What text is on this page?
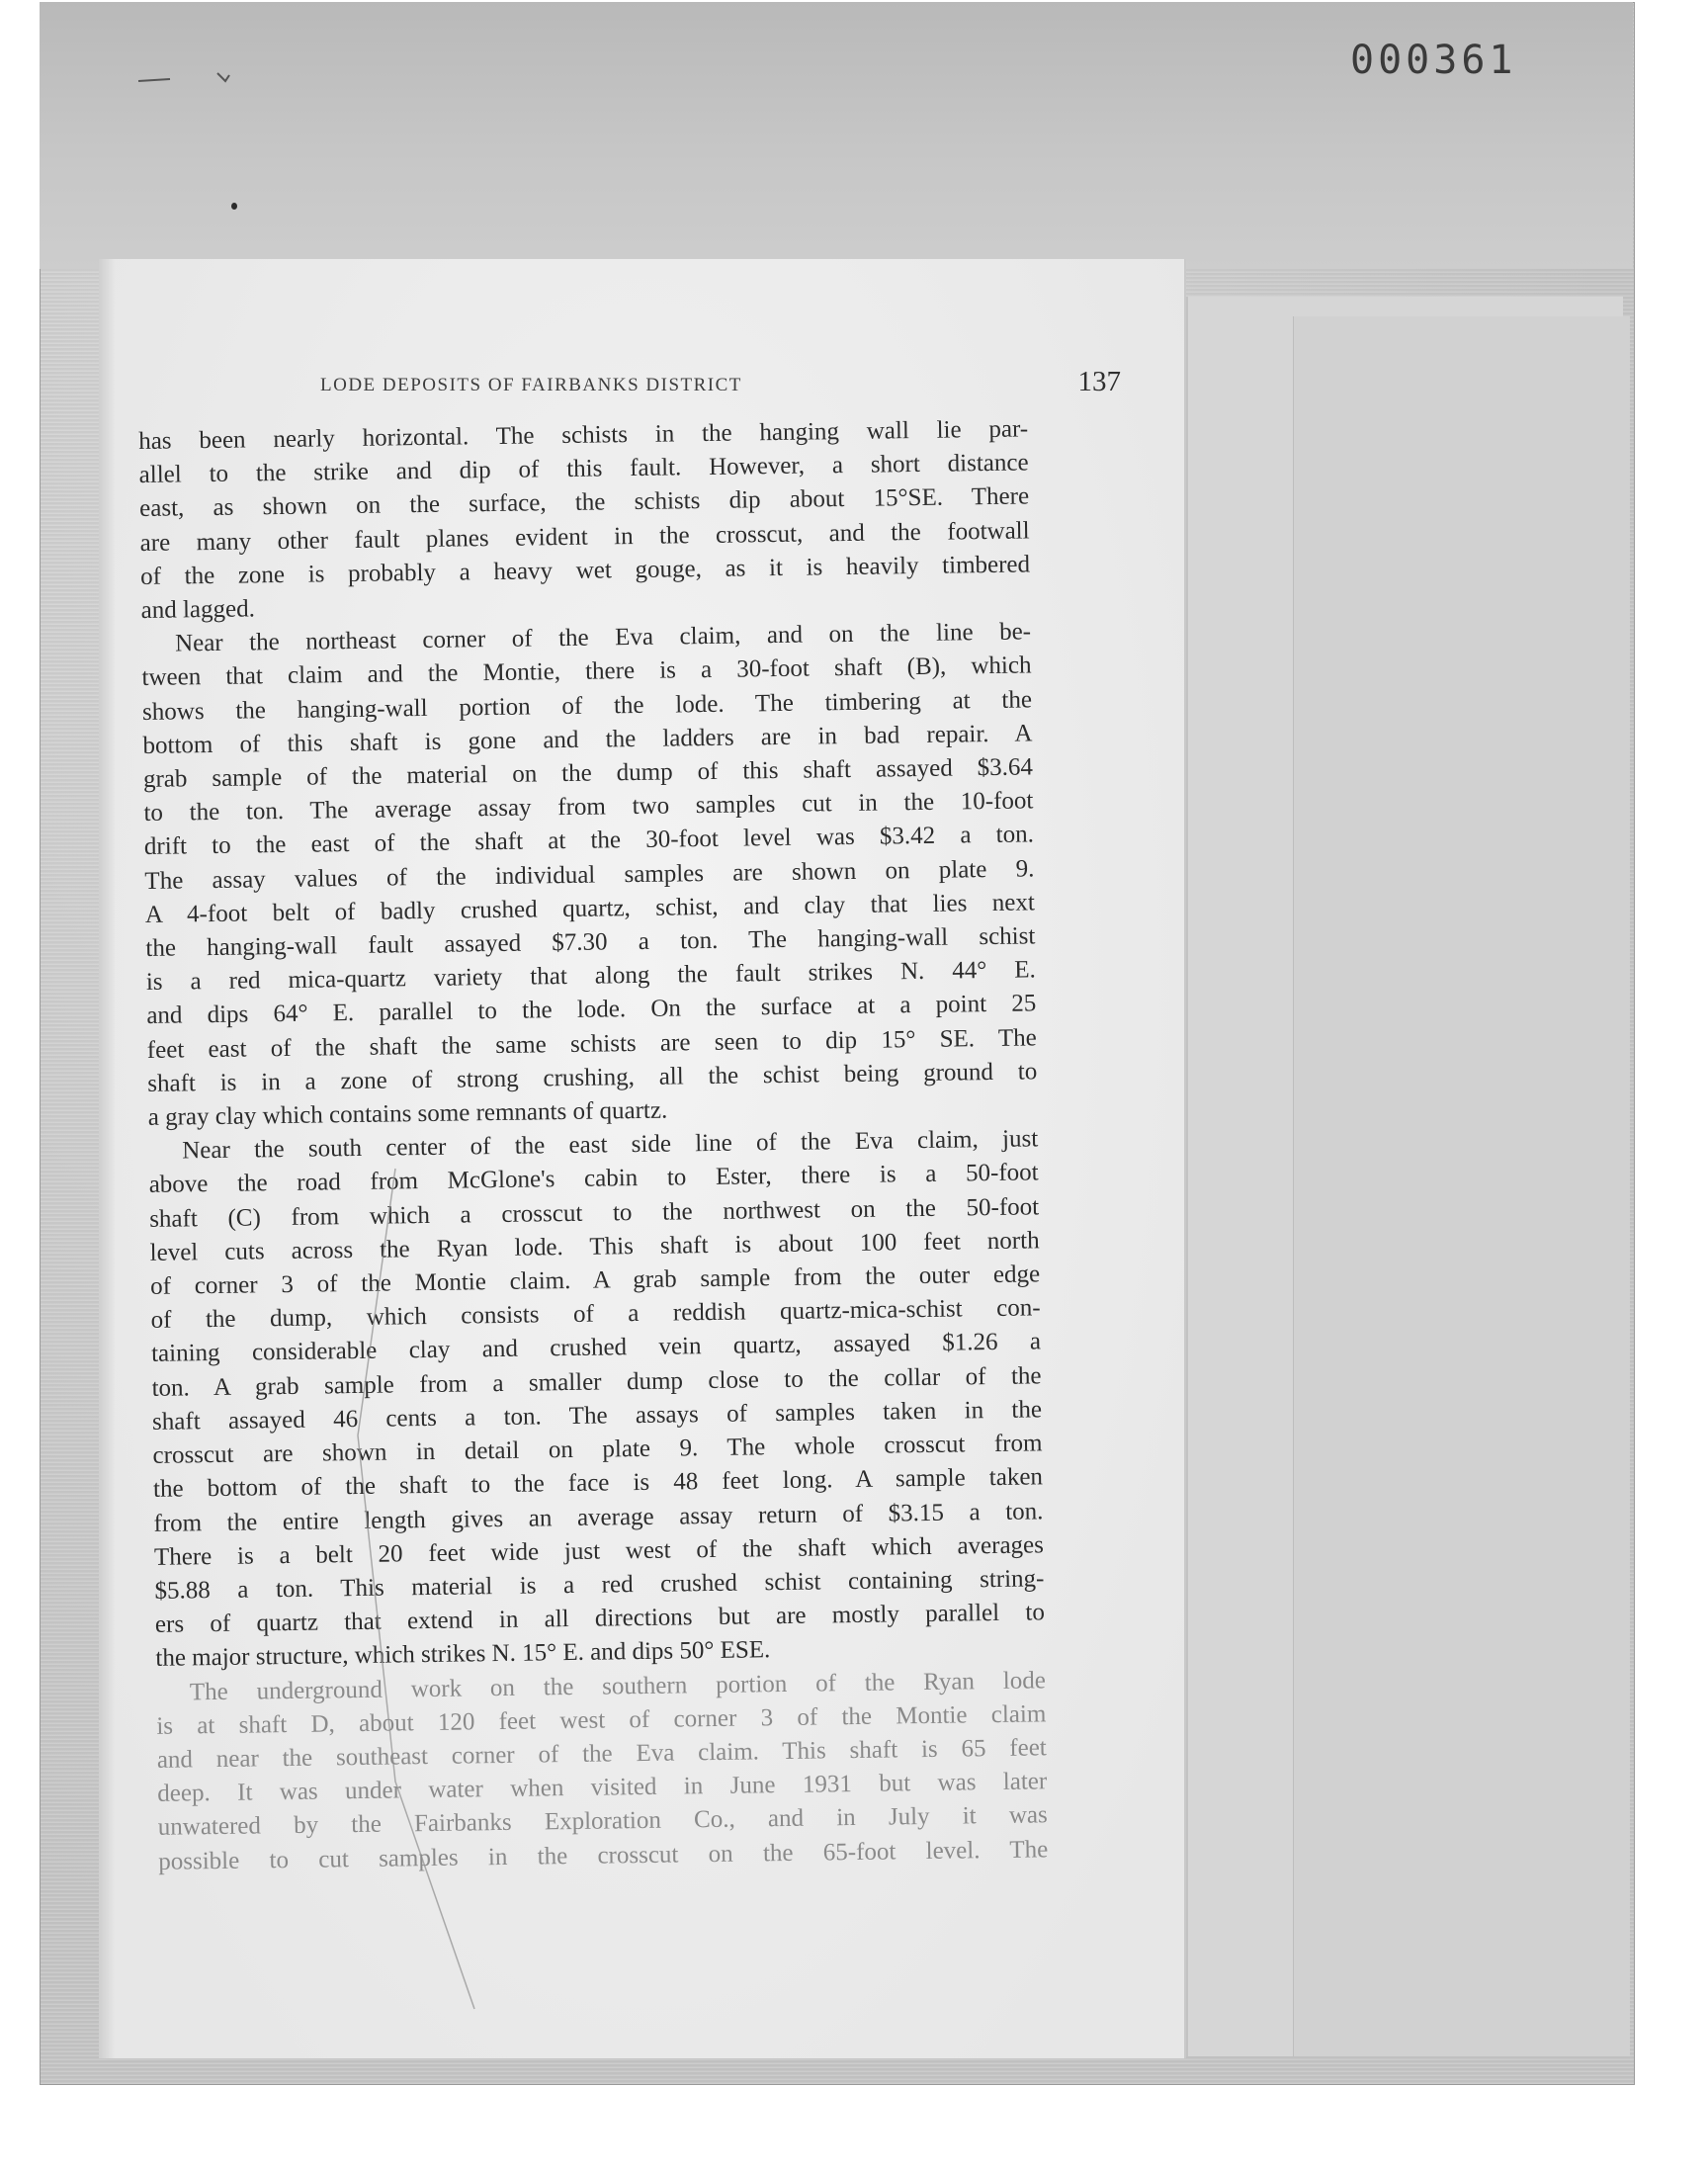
000361
LODE DEPOSITS OF FAIRBANKS DISTRICT	137

has been nearly horizontal. The schists in the hanging wall lie par-
allel to the strike and dip of this fault. However, a short distance
east, as shown on the surface, the schists dip about 15°SE. There
are many other fault planes evident in the crosscut, and the footwall
of the zone is probably a heavy wet gouge, as it is heavily timbered
and lagged.

Near the northeast corner of the Eva claim, and on the line be-
tween that claim and the Montie, there is a 30-foot shaft (B), which
shows the hanging-wall portion of the lode. The timbering at the
bottom of this shaft is gone and the ladders are in bad repair. A
grab sample of the material on the dump of this shaft assayed $3.64
to the ton. The average assay from two samples cut in the 10-foot
drift to the east of the shaft at the 30-foot level was $3.42 a ton.
The assay values of the individual samples are shown on plate 9.
A 4-foot belt of badly crushed quartz, schist, and clay that lies next
the hanging-wall fault assayed $7.30 a ton. The hanging-wall schist
is a red mica-quartz variety that along the fault strikes N. 44° E.
and dips 64° E. parallel to the lode. On the surface at a point 25
feet east of the shaft the same schists are seen to dip 15° SE. The
shaft is in a zone of strong crushing, all the schist being ground to
a gray clay which contains some remnants of quartz.

Near the south center of the east side line of the Eva claim, just
above the road from McGlone's cabin to Ester, there is a 50-foot
shaft (C) from which a crosscut to the northwest on the 50-foot
level cuts across the Ryan lode. This shaft is about 100 feet north
of corner 3 of the Montie claim. A grab sample from the outer edge
of the dump, which consists of a reddish quartz-mica-schist con-
taining considerable clay and crushed vein quartz, assayed $1.26 a
ton. A grab sample from a smaller dump close to the collar of the
shaft assayed 46 cents a ton. The assays of samples taken in the
crosscut are shown in detail on plate 9. The whole crosscut from
the bottom of the shaft to the face is 48 feet long. A sample taken
from the entire length gives an average assay return of $3.15 a ton.
There is a belt 20 feet wide just west of the shaft which averages
$5.88 a ton. This material is a red crushed schist containing string-
ers of quartz that extend in all directions but are mostly parallel to
the major structure, which strikes N. 15° E. and dips 50° ESE.

The underground work on the southern portion of the Ryan lode
is at shaft D, about 120 feet west of corner 3 of the Montie claim
and near the southeast corner of the Eva claim. This shaft is 65 feet
deep. It was under water when visited in June 1931 but was later
unwatered by the Fairbanks Exploration Co., and in July it was
possible to cut samples in the crosscut on the 65-foot level. The
